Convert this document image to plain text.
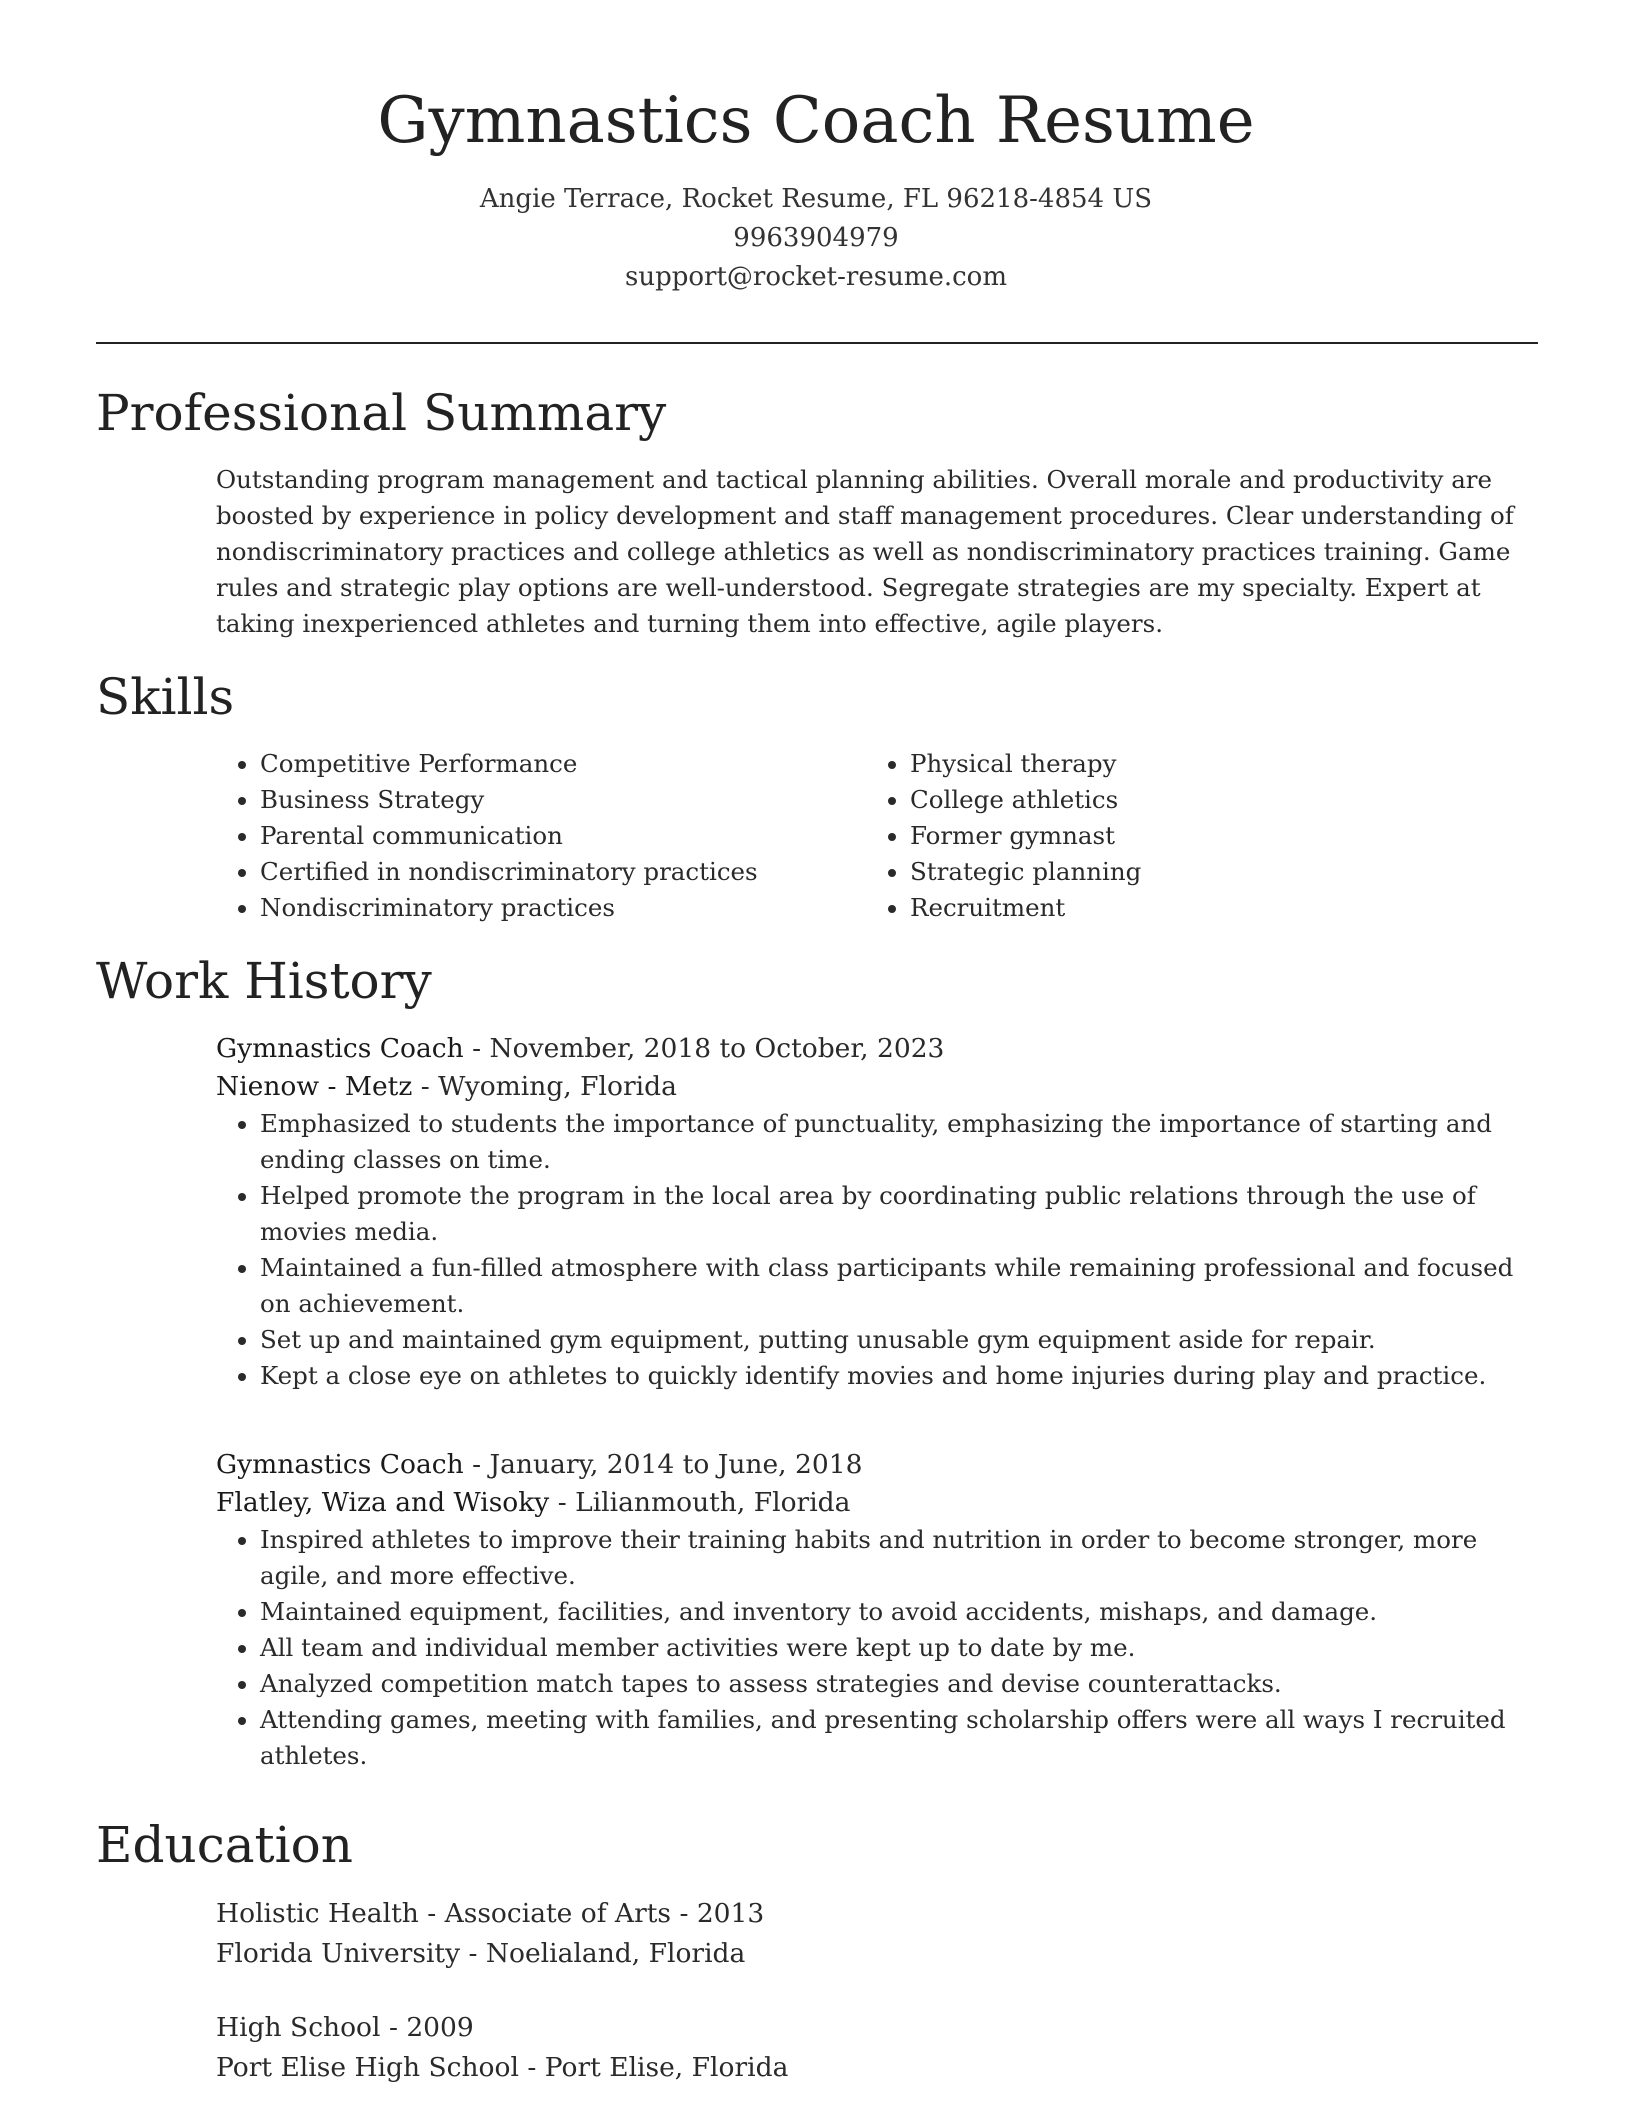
Gymnastics Coach Resume
Angie Terrace, Rocket Resume, FL 96218-4854 US
9963904979
support@rocket-resume.com
Professional Summary

Outstanding program management and tactical planning abilities. Overall morale and productivity are boosted by experience in policy development and staff management procedures. Clear understanding of nondiscriminatory practices and college athletics as well as nondiscriminatory practices training. Game rules and strategic play options are well-understood. Segregate strategies are my specialty. Expert at taking inexperienced athletes and turning them into effective, agile players.

Skills
• Competitive Performance
• Business Strategy
• Parental communication
• Certified in nondiscriminatory practices
• Nondiscriminatory practices
• Physical therapy
• College athletics
• Former gymnast
• Strategic planning
• Recruitment
Work History
Gymnastics Coach - November, 2018 to October, 2023
Nienow - Metz - Wyoming, Florida
• Emphasized to students the importance of punctuality, emphasizing the importance of starting and ending classes on time.
• Helped promote the program in the local area by coordinating public relations through the use of movies media.
• Maintained a fun-filled atmosphere with class participants while remaining professional and focused on achievement.
• Set up and maintained gym equipment, putting unusable gym equipment aside for repair.
• Kept a close eye on athletes to quickly identify movies and home injuries during play and practice.
Gymnastics Coach - January, 2014 to June, 2018
Flatley, Wiza and Wisoky - Lilianmouth, Florida
• Inspired athletes to improve their training habits and nutrition in order to become stronger, more agile, and more effective.
• Maintained equipment, facilities, and inventory to avoid accidents, mishaps, and damage.
• All team and individual member activities were kept up to date by me.
• Analyzed competition match tapes to assess strategies and devise counterattacks.
• Attending games, meeting with families, and presenting scholarship offers were all ways I recruited athletes.
Education
Holistic Health - Associate of Arts - 2013
Florida University - Noelialand, Florida
High School - 2009
Port Elise High School - Port Elise, Florida
